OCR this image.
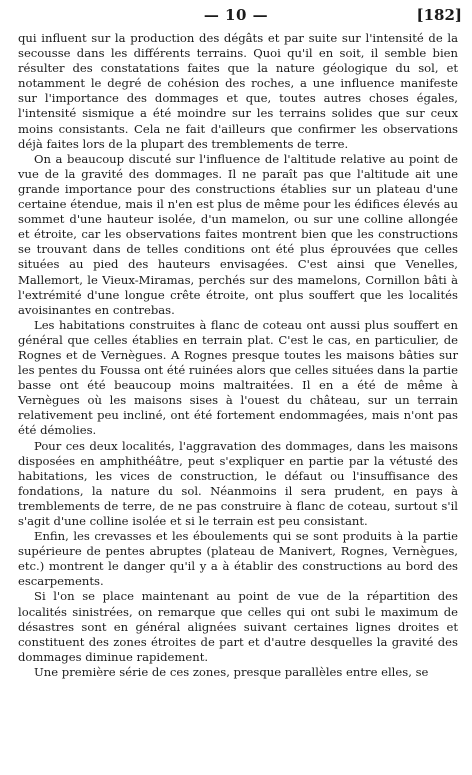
— 10 —	[182]

qui influent sur la production des dégâts et par suite sur l'intensité de la secousse dans les différents terrains. Quoi qu'il en soit, il semble bien résulter des constatations faites que la nature géologique du sol, et notamment le degré de cohésion des roches, a une influence manifeste sur l'importance des dommages et que, toutes autres choses égales, l'intensité sismique a été moindre sur les terrains solides que sur ceux moins consistants. Cela ne fait d'ailleurs que confirmer les observations déjà faites lors de la plupart des tremblements de terre.

On a beaucoup discuté sur l'influence de l'altitude relative au point de vue de la gravité des dommages. Il ne paraît pas que l'altitude ait une grande importance pour des constructions établies sur un plateau d'une certaine étendue, mais il n'en est plus de même pour les édifices élevés au sommet d'une hauteur isolée, d'un mamelon, ou sur une colline allongée et étroite, car les observations faites montrent bien que les constructions se trouvant dans de telles conditions ont été plus éprouvées que celles situées au pied des hauteurs envisagées. C'est ainsi que Venelles, Mallemort, le Vieux-Miramas, perchés sur des mamelons, Cornillon bâti à l'extrémité d'une longue crête étroite, ont plus souffert que les localités avoisinantes en contrebas.

Les habitations construites à flanc de coteau ont aussi plus souffert en général que celles établies en terrain plat. C'est le cas, en particulier, de Rognes et de Vernègues. A Rognes presque toutes les maisons bâties sur les pentes du Foussa ont été ruinées alors que celles situées dans la partie basse ont été beaucoup moins maltraitées. Il en a été de même à Vernègues où les maisons sises à l'ouest du château, sur un terrain relativement peu incliné, ont été fortement endommagées, mais n'ont pas été démolies.

Pour ces deux localités, l'aggravation des dommages, dans les maisons disposées en amphithéâtre, peut s'expliquer en partie par la vétusté des habitations, les vices de construction, le défaut ou l'insuffisance des fondations, la nature du sol. Néanmoins il sera prudent, en pays à tremblements de terre, de ne pas construire à flanc de coteau, surtout s'il s'agit d'une colline isolée et si le terrain est peu consistant.

Enfin, les crevasses et les éboulements qui se sont produits à la partie supérieure de pentes abruptes (plateau de Manivert, Rognes, Vernègues, etc.) montrent le danger qu'il y a à établir des constructions au bord des escarpements.

Si l'on se place maintenant au point de vue de la répartition des localités sinistrées, on remarque que celles qui ont subi le maximum de désastres sont en général alignées suivant certaines lignes droites et constituent des zones étroites de part et d'autre desquelles la gravité des dommages diminue rapidement.

Une première série de ces zones, presque parallèles entre elles, se
